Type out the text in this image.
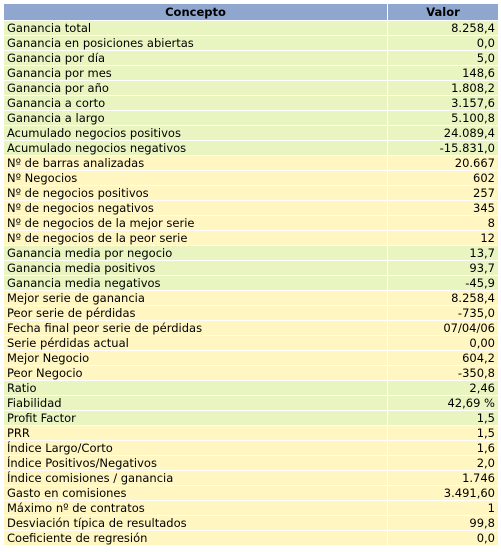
Concepto	Valor
Ganancia total	8.258,4
Ganancia en posiciones abiertas	0,0
Ganancia por día	5,0
Ganancia por mes	148,6
Ganancia por año	1.808,2
Ganancia a corto	3.157,6
Ganancia a largo	5.100,8
Acumulado negocios positivos	24.089,4
Acumulado negocios negativos	-15.831,0
Nº de barras analizadas	20.667
Nº Negocios	602
Nº de negocios positivos	257
Nº de negocios negativos	345
Nº de negocios de la mejor serie	8
Nº de negocios de la peor serie	12
Ganancia media por negocio	13,7
Ganancia media positivos	93,7
Ganancia media negativos	-45,9
Mejor serie de ganancia	8.258,4
Peor serie de pérdidas	-735,0
Fecha final peor serie de pérdidas	07/04/06
Serie pérdidas actual	0,00
Mejor Negocio	604,2
Peor Negocio	-350,8
Ratio	2,46
Fiabilidad	42,69 %
Profit Factor	1,5
PRR	1,5
Índice Largo/Corto	1,6
Índice Positivos/Negativos	2,0
Índice comisiones / ganancia	1.746
Gasto en comisiones	3.491,60
Máximo nº de contratos	1
Desviación típica de resultados	99,8
Coeficiente de regresión	0,0
